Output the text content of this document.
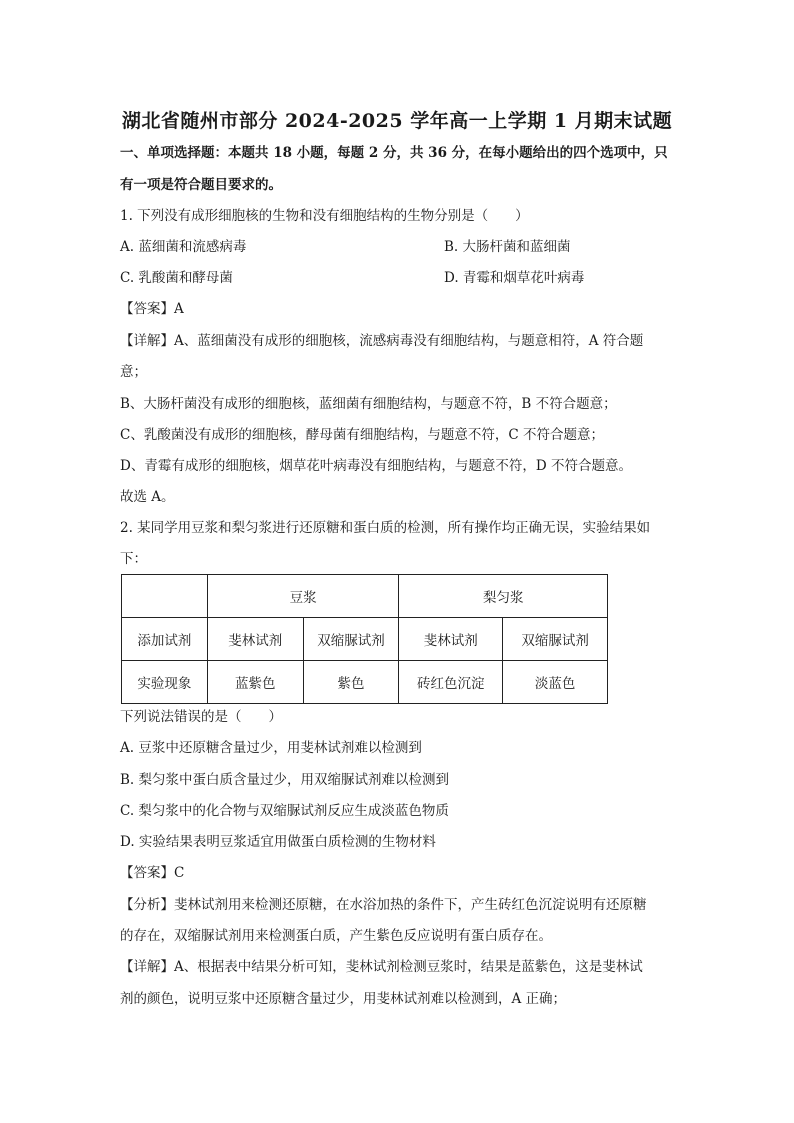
湖北省随州市部分 2024-2025 学年高一上学期 1 月期末试题
一、单项选择题：本题共 18 小题，每题 2 分，共 36 分，在每小题给出的四个选项中，只
有一项是符合题目要求的。
1. 下列没有成形细胞核的生物和没有细胞结构的生物分别是（　　）
A. 蓝细菌和流感病毒	B. 大肠杆菌和蓝细菌
C. 乳酸菌和酵母菌	D. 青霉和烟草花叶病毒
【答案】A
【详解】A、蓝细菌没有成形的细胞核，流感病毒没有细胞结构，与题意相符，A 符合题
意；
B、大肠杆菌没有成形的细胞核，蓝细菌有细胞结构，与题意不符，B 不符合题意；
C、乳酸菌没有成形的细胞核，酵母菌有细胞结构，与题意不符，C 不符合题意；
D、青霉有成形的细胞核，烟草花叶病毒没有细胞结构，与题意不符，D 不符合题意。
故选 A。
2. 某同学用豆浆和梨匀浆进行还原糖和蛋白质的检测，所有操作均正确无误，实验结果如
下：
	豆浆		梨匀浆	
添加试剂	斐林试剂	双缩脲试剂	斐林试剂	双缩脲试剂
实验现象	蓝紫色	紫色	砖红色沉淀	淡蓝色
下列说法错误的是（　　）
A. 豆浆中还原糖含量过少，用斐林试剂难以检测到
B. 梨匀浆中蛋白质含量过少，用双缩脲试剂难以检测到
C. 梨匀浆中的化合物与双缩脲试剂反应生成淡蓝色物质
D. 实验结果表明豆浆适宜用做蛋白质检测的生物材料
【答案】C
【分析】斐林试剂用来检测还原糖，在水浴加热的条件下，产生砖红色沉淀说明有还原糖
的存在，双缩脲试剂用来检测蛋白质，产生紫色反应说明有蛋白质存在。
【详解】A、根据表中结果分析可知，斐林试剂检测豆浆时，结果是蓝紫色，这是斐林试
剂的颜色，说明豆浆中还原糖含量过少，用斐林试剂难以检测到，A 正确；
